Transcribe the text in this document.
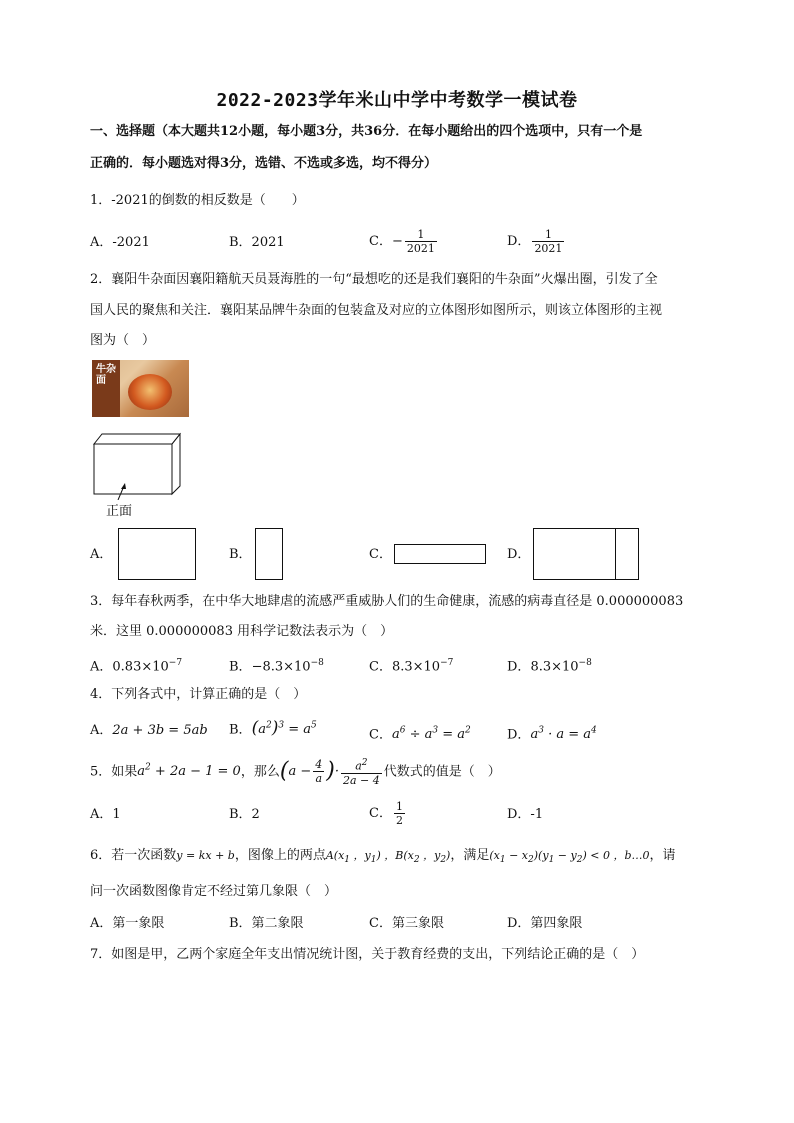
2022-2023学年米山中学中考数学一模试卷
一、选择题（本大题共12小题，每小题3分，共36分．在每小题给出的四个选项中，只有一个是
正确的．每小题选对得3分，选错、不选或多选，均不得分）
1．-2021的倒数的相反数是（　　）
A．-2021	B．2021	C．− $\frac{1}{2021}$	D． $\frac{1}{2021}$
2．襄阳牛杂面因襄阳籍航天员聂海胜的一句“最想吃的还是我们襄阳的牛杂面”火爆出圈，引发了全
国人民的聚焦和关注．襄阳某品牌牛杂面的包装盒及对应的立体图形如图所示，则该立体图形的主视
图为（　）
牛杂面
正面
A．	B．	C．	D．
3．每年春秋两季，在中华大地肆虐的流感严重威胁人们的生命健康，流感的病毒直径是 0.000000083
米．这里 0.000000083 用科学记数法表示为（　）
A．$0.83\times 10^{-7}$	B．$-8.3\times 10^{-8}$	C．$8.3\times 10^{-7}$	D．$8.3\times 10^{-8}$
4．下列各式中，计算正确的是（　）
A．2a + 3b = 5ab B．$(a^2)^3 = a^5$
C．$a^6 \div a^3 = a^2$	D．$a^3 \cdot a = a^4$
5．如果$a^2 + 2a - 1 = 0$，那么($a - \frac{4}{a}$ )· $\frac{a^2}{2a - 4}$ 代数式的值是（　）
A．1	B．2	C． $\frac{1}{2}$	D．-1
6．若一次函数y = kx + b，图像上的两点$A(x_1$ ，$y_1$) ，$B(x_2$ ，$y_2$)，满足$(x_1 - x_2)(y_1 - y_2) < 0$ ，b…0，请
问一次函数图像肯定不经过第几象限（　）
A．第一象限	B．第二象限	C．第三象限	D．第四象限
7．如图是甲，乙两个家庭全年支出情况统计图，关于教育经费的支出，下列结论正确的是（　）
